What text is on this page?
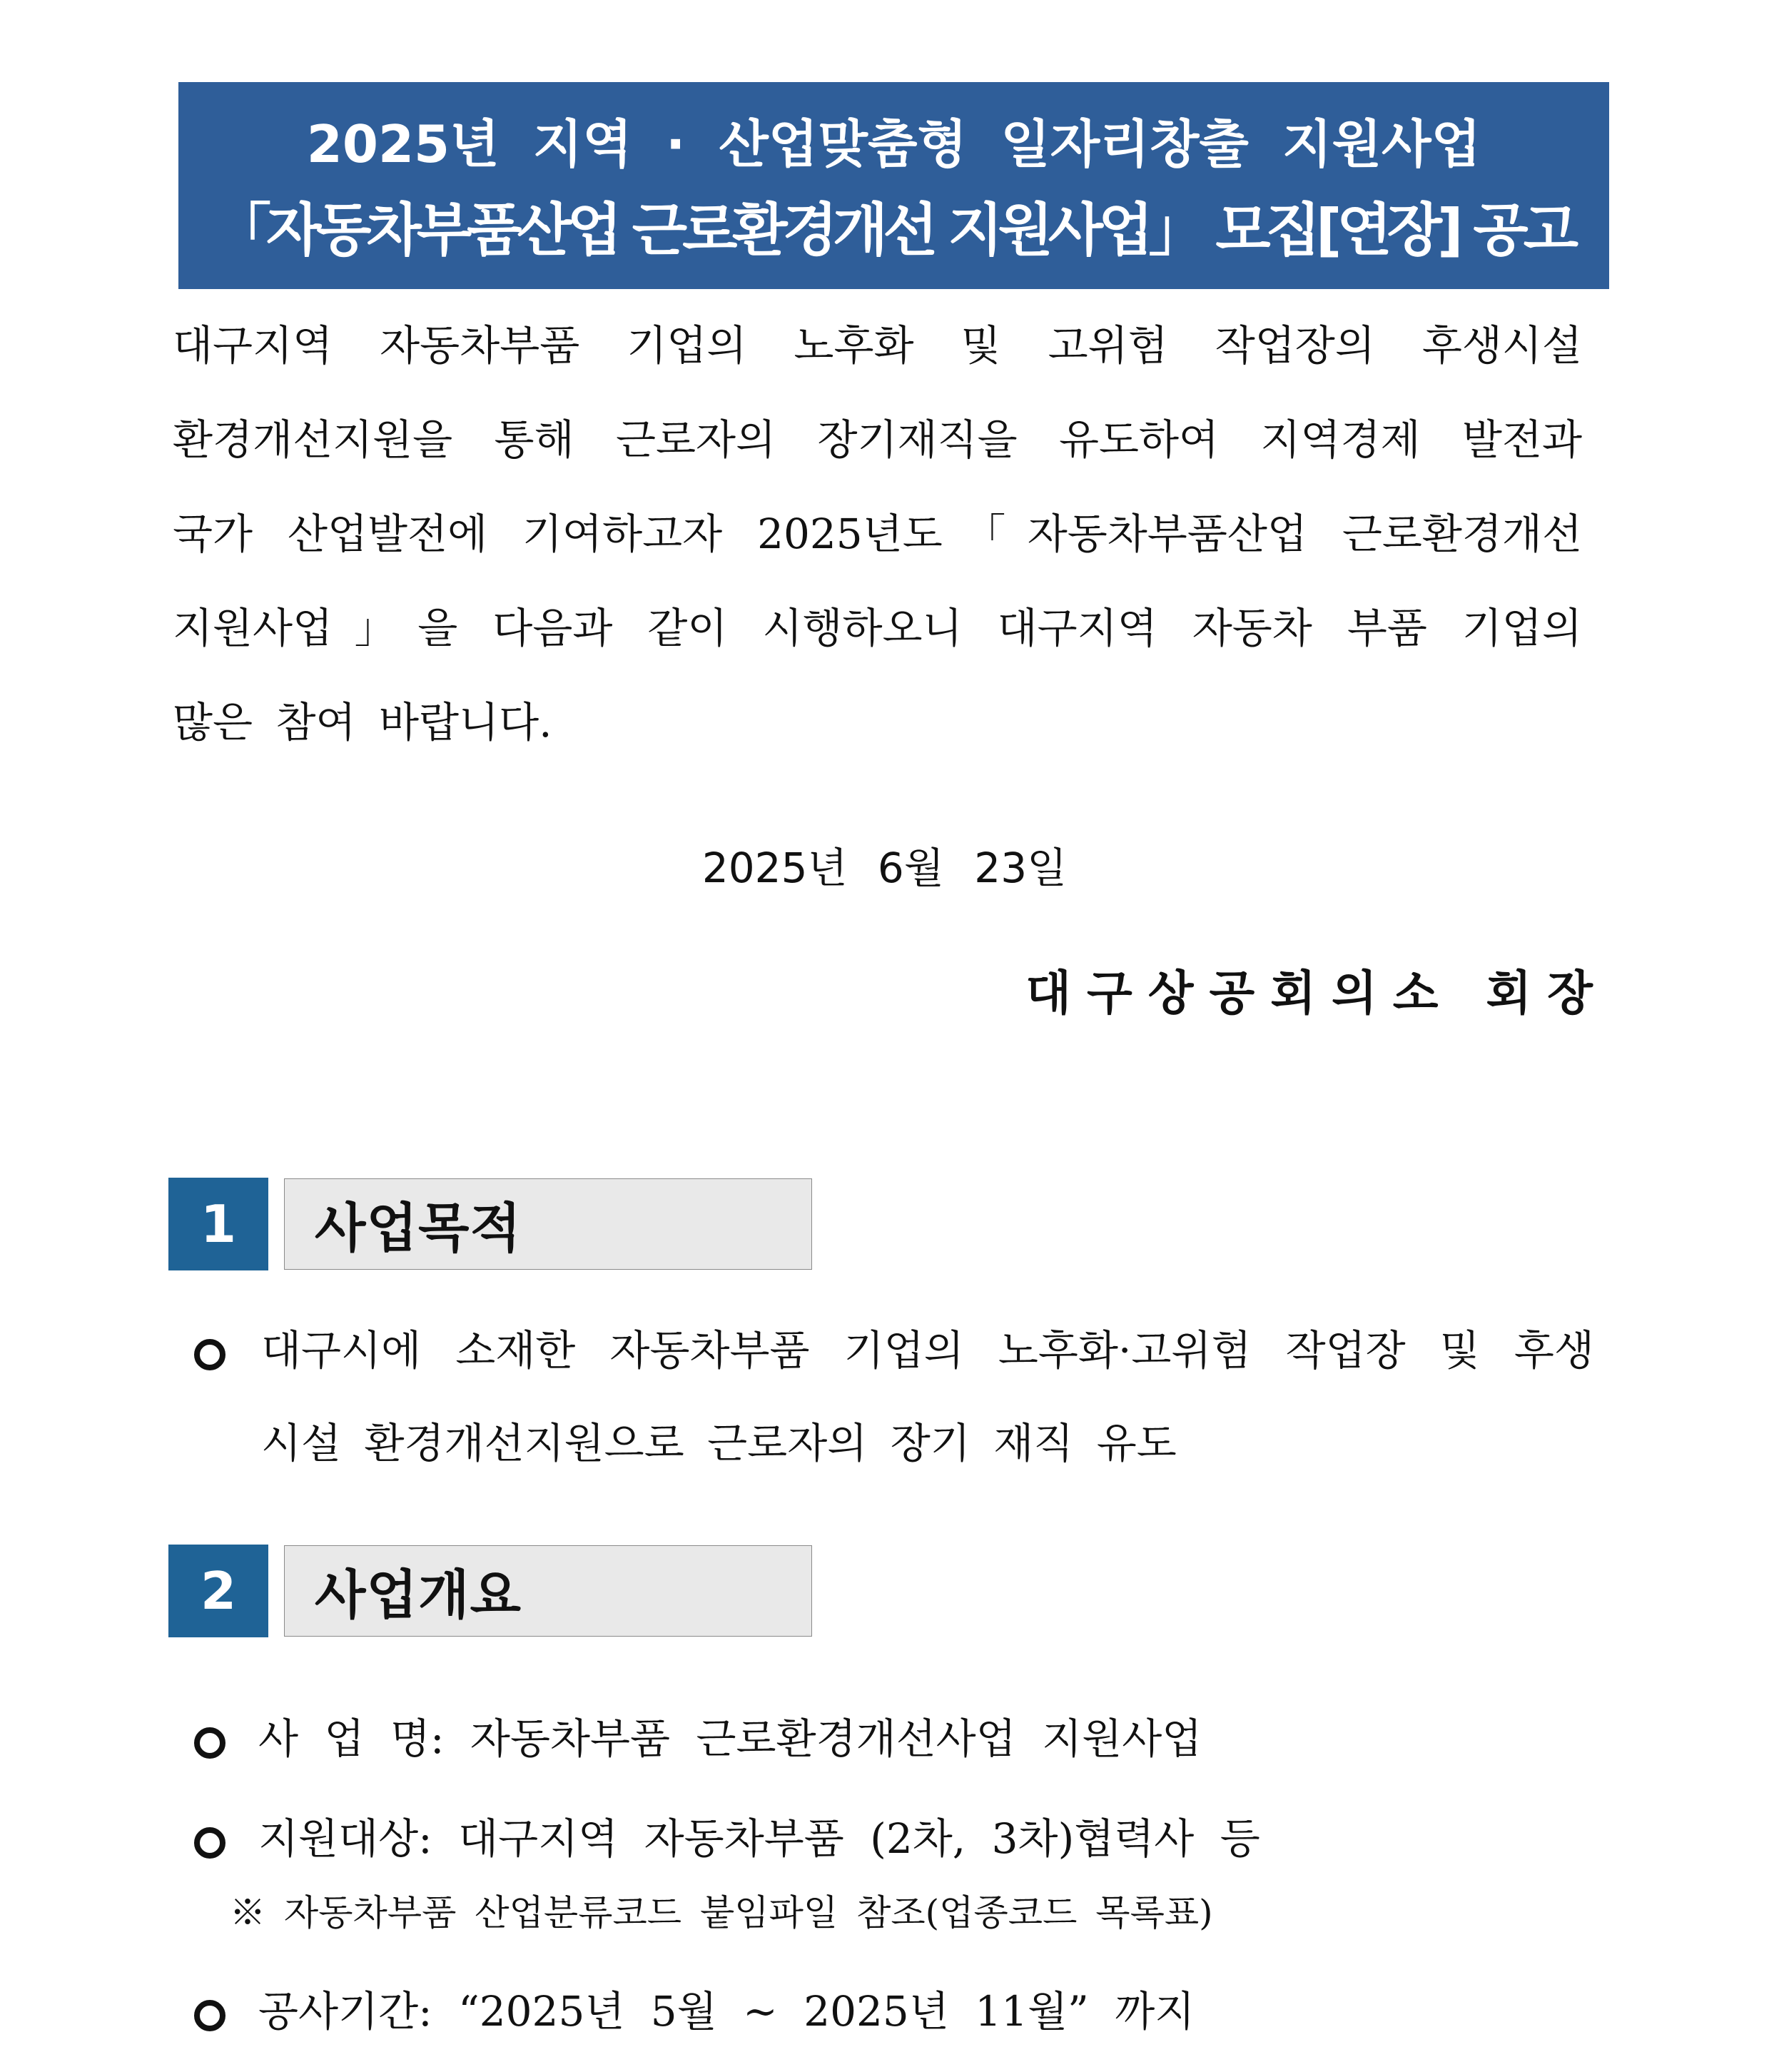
2025년 지역 · 산업맞춤형 일자리창출 지원사업
「자동차부품산업 근로환경개선 지원사업」 모집[연장] 공고
대구지역 자동차부품 기업의 노후화 및 고위험 작업장의 후생시설
환경개선지원을 통해 근로자의 장기재직을 유도하여 지역경제 발전과
국가 산업발전에 기여하고자 2025년도「자동차부품산업 근로환경개선
지원사업」을 다음과 같이 시행하오니 대구지역 자동차 부품 기업의
많은 참여 바랍니다.
2025년 6월 23일
대구상공회의소 회장
1	사업목적
대구시에 소재한 자동차부품 기업의 노후화·고위험 작업장 및 후생
시설 환경개선지원으로 근로자의 장기 재직 유도
2	사업개요
사 업 명: 자동차부품 근로환경개선사업 지원사업
지원대상: 대구지역 자동차부품 (2차, 3차)협력사 등
※ 자동차부품 산업분류코드 붙임파일 참조(업종코드 목록표)
공사기간: “2025년 5월 ~ 2025년 11월” 까지
